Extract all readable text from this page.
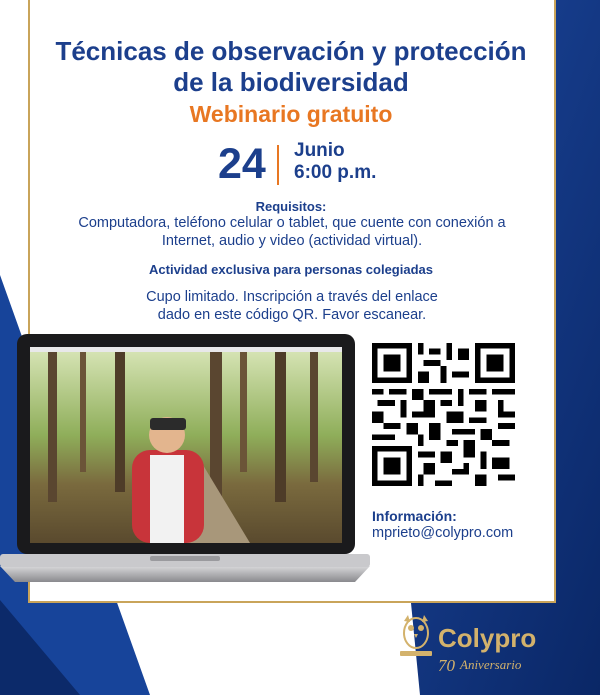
Técnicas de observación y protección
de la biodiversidad
Webinario gratuito
24 Junio
6:00 p.m.
Requisitos:
Computadora, teléfono celular o tablet, que cuente con conexión a
Internet, audio y video (actividad virtual).
Actividad exclusiva para personas colegiadas
Cupo limitado. Inscripción a través del enlace
dado en este código QR. Favor escanear.
Información:
mprieto@colypro.com
Colypro
70 Aniversario
